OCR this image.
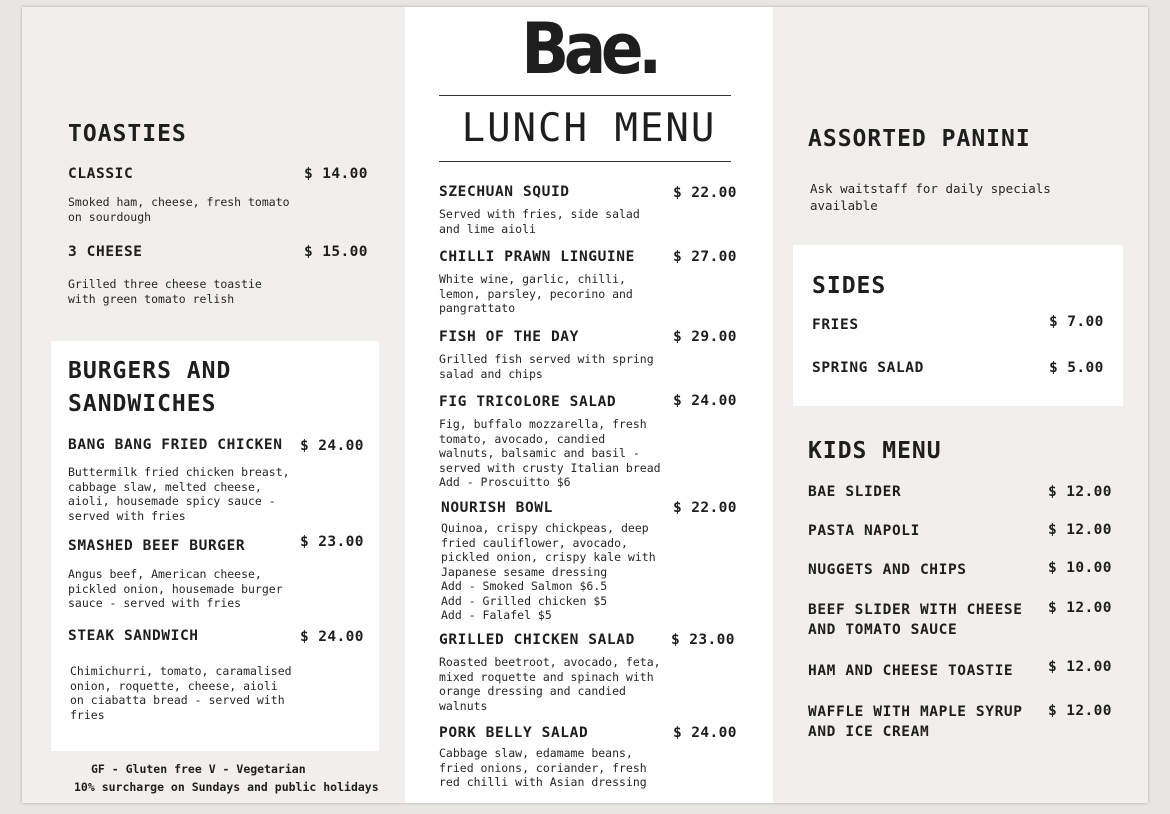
TOASTIES
CLASSIC	$ 14.00
Smoked ham, cheese, fresh tomato
on sourdough
3 CHEESE	$ 15.00
Grilled three cheese toastie
with green tomato relish
BURGERS AND
SANDWICHES
BANG BANG FRIED CHICKEN $ 24.00
Buttermilk fried chicken breast,
cabbage slaw, melted cheese,
aioli, housemade spicy sauce -
served with fries
SMASHED BEEF BURGER	$ 23.00
Angus beef, American cheese,
pickled onion, housemade burger
sauce - served with fries
STEAK SANDWICH	$ 24.00
Chimichurri, tomato, caramalised
onion, roquette, cheese, aioli
on ciabatta bread - served with
fries
GF - Gluten free V - Vegetarian
10% surcharge on Sundays and public holidays
Bae.
LUNCH MENU
SZECHUAN SQUID	$ 22.00
Served with fries, side salad
and lime aioli
CHILLI PRAWN LINGUINE	$ 27.00
White wine, garlic, chilli,
lemon, parsley, pecorino and
pangrattato
FISH OF THE DAY	$ 29.00
Grilled fish served with spring
salad and chips
FIG TRICOLORE SALAD	$ 24.00
Fig, buffalo mozzarella, fresh
tomato, avocado, candied
walnuts, balsamic and basil -
served with crusty Italian bread
Add - Proscuitto $6
NOURISH BOWL	$ 22.00
Quinoa, crispy chickpeas, deep
fried cauliflower, avocado,
pickled onion, crispy kale with
Japanese sesame dressing
Add - Smoked Salmon $6.5
Add - Grilled chicken $5
Add - Falafel $5
GRILLED CHICKEN SALAD $ 23.00
Roasted beetroot, avocado, feta,
mixed roquette and spinach with
orange dressing and candied
walnuts
PORK BELLY SALAD	$ 24.00
Cabbage slaw, edamame beans,
fried onions, coriander, fresh
red chilli with Asian dressing
ASSORTED PANINI
Ask waitstaff for daily specials
available
SIDES
FRIES	$ 7.00
SPRING SALAD	$ 5.00
KIDS MENU
BAE SLIDER	$ 12.00
PASTA NAPOLI	$ 12.00
NUGGETS AND CHIPS	$ 10.00
BEEF SLIDER WITH CHEESE
AND TOMATO SAUCE
$ 12.00
HAM AND CHEESE TOASTIE $ 12.00
WAFFLE WITH MAPLE SYRUP
AND ICE CREAM
$ 12.00
